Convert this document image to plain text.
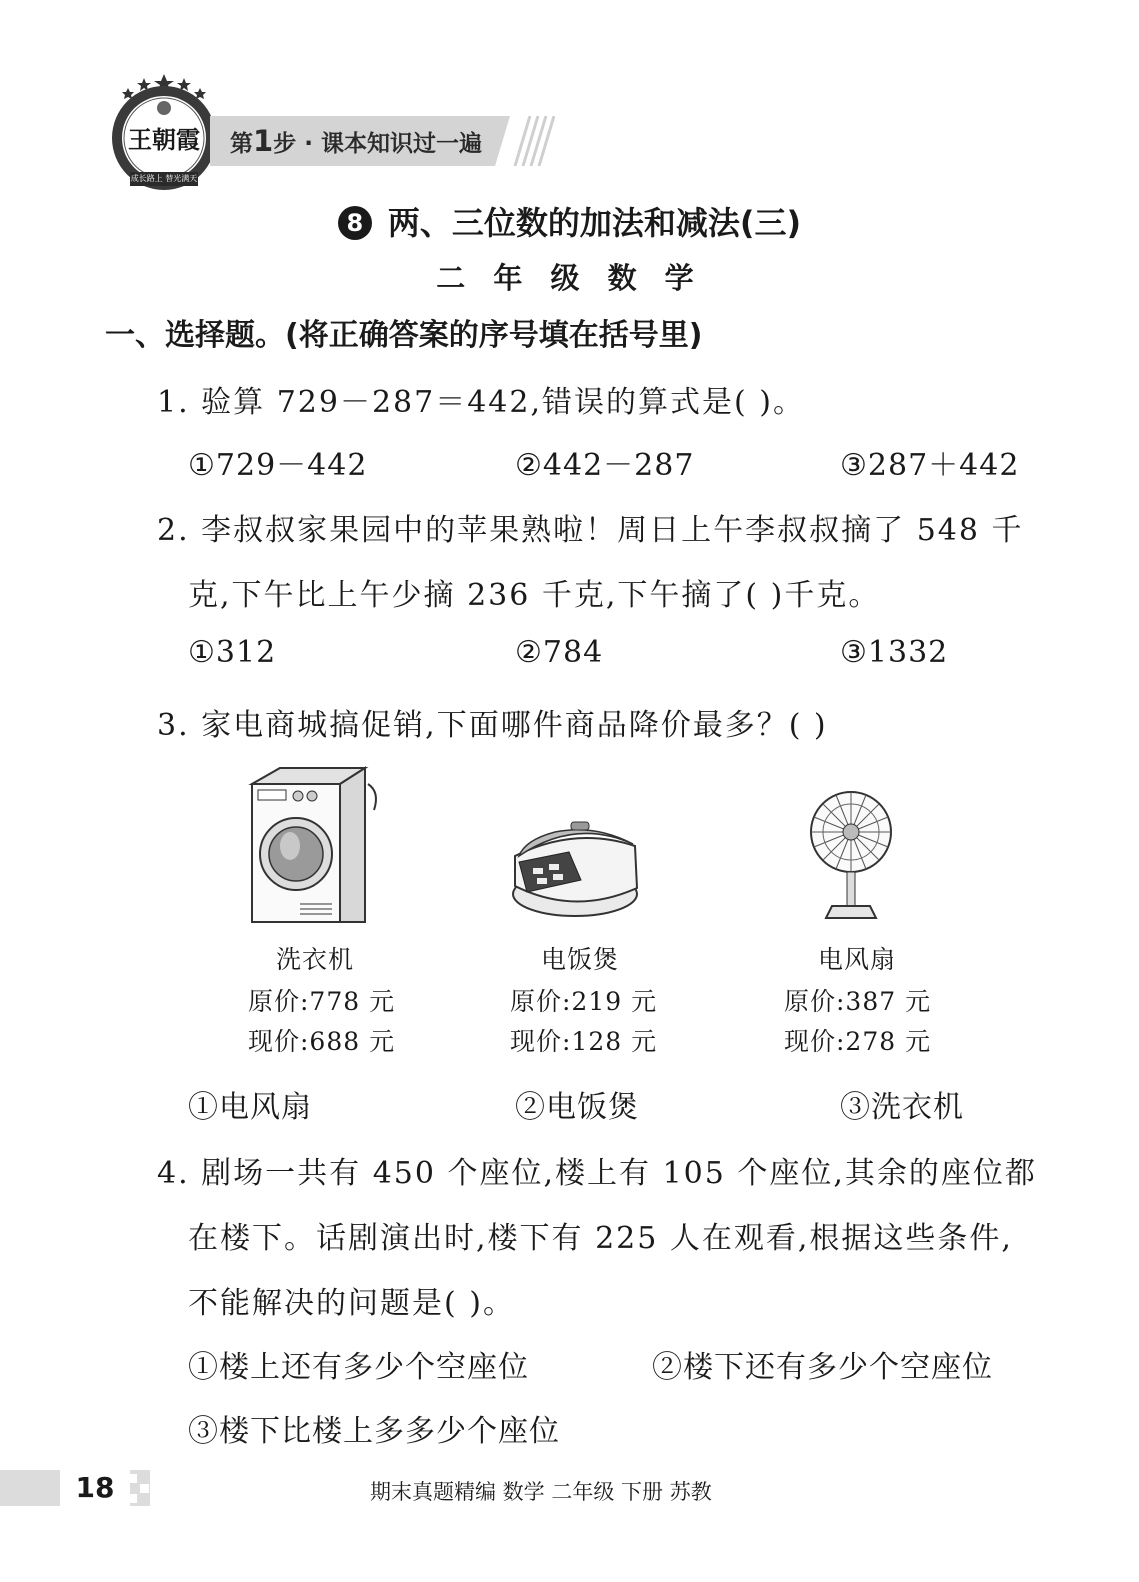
王朝霞
成长路上 替光满天
第1步 · 课本知识过一遍
8 两、三位数的加法和减法(三)
二 年 级 数 学
一、选择题。(将正确答案的序号填在括号里)
1. 验算 729－287＝442,错误的算式是( )。
①729－442	②442－287	③287＋442
2. 李叔叔家果园中的苹果熟啦！周日上午李叔叔摘了 548 千
克,下午比上午少摘 236 千克,下午摘了( )千克。
①312	②784	③1332
3. 家电商城搞促销,下面哪件商品降价最多？( )
洗衣机
原价:778 元
现价:688 元
电饭煲
原价:219 元
现价:128 元
电风扇
原价:387 元
现价:278 元
①电风扇	②电饭煲	③洗衣机
4. 剧场一共有 450 个座位,楼上有 105 个座位,其余的座位都
在楼下。话剧演出时,楼下有 225 人在观看,根据这些条件,
不能解决的问题是( )。
①楼上还有多少个空座位	②楼下还有多少个空座位
③楼下比楼上多多少个座位
18	期末真题精编 数学 二年级 下册 苏教
